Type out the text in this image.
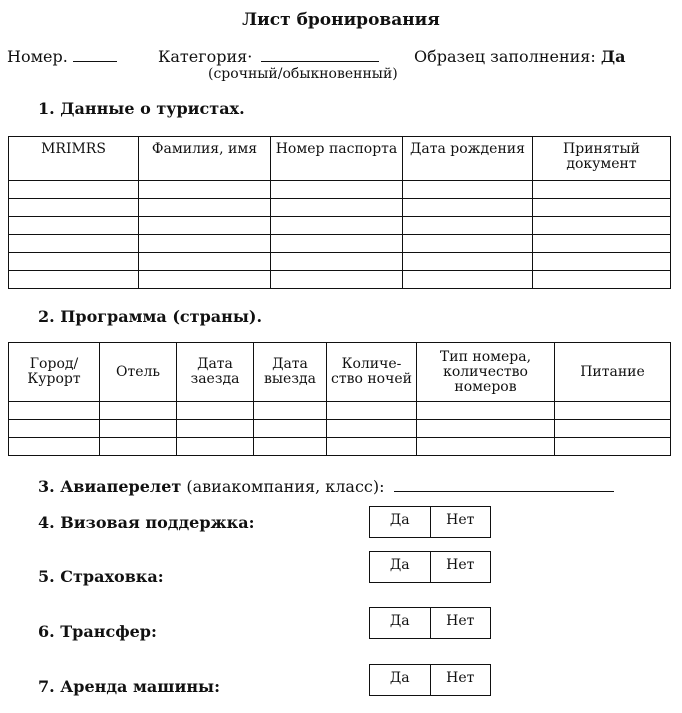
Лист бронирования
Номер.	Категория·	Образец заполнения: Да
(срочный/обыкновенный)
1. Данные о туристах.
MRIMRS	Фамилия, имя	Номер паспорта	Дата рождения	Принятый документ

2. Программа (страны).
Город/ Курорт	Отель	Дата заезда	Дата выезда	Количе- ство ночей	Тип номера, количество номеров	Питание

3. Авиаперелет (авиакомпания, класс):
4. Визовая поддержка:	Да	Нет
5. Страховка:
Да	Нет
6. Трансфер:
Да	Нет
7. Аренда машины:	Да	Нет
